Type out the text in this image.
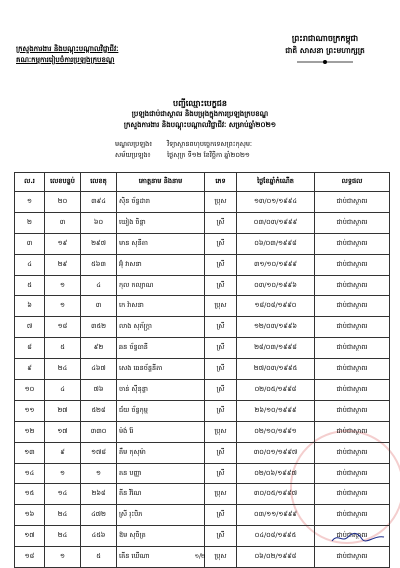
ព្រះរាជាណាចក្រកម្ពុជា
ជាតិ សាសនា ព្រះមហាក្សត្រ
ក្រសួងការងារ និងបណ្តុះបណ្តាលវិជ្ជាជីវៈ
គណៈកម្មការរៀបចំការប្រឡងក្របខណ្ឌ
បញ្ជីឈ្មោះបេក្ខជន
ប្រឡងជាប់ជាស្ថាពរ និងបម្រុងក្នុងការប្រឡងក្របខណ្ឌ
ក្រសួងការងារ និងបណ្តុះបណ្តាលវិជ្ជាជីវៈ សម្រាប់ឆ្នាំ២០២១
មណ្ឌលប្រឡង៖ វិទ្យាស្ថានពហុបច្ចេកទេសព្រះកុសុមៈ
សម័យប្រឡង៖	ថ្ងៃសុក្រ ទី១២ ខែវិច្ឆិកា ឆ្នាំ២០២១
ល.រ	លេខបន្ទប់	លេខតុ	គោត្តនាម និងនាម	ភេទ	ថ្ងៃខែឆ្នាំកំណើត	លទ្ធផល
១	២០	៣៩៤	ស៊ិន ច័ន្ទដារា	ប្រុស	១៣/០១/១៩៩៤	ជាប់ជាស្ថាពរ
២	៣	៦០	ឃៀង ចិន្តា	ស្រី	០៣/០៣/១៩៩៩	ជាប់ជាស្ថាពរ
៣	១៩	២៩៧	មាន សុនីតា	ស្រី	០៦/០៣/១៩៩៨	ជាប់ជាស្ថាពរ
៤	២៩	៥៦៣	អ៊ុំ វាសនា	ស្រី	៣១/១០/១៩៩៩	ជាប់ជាស្ថាពរ
៥	១	៤	កុល កល្យាណ	ស្រី	០៣/១០/១៩៩៦	ជាប់ជាស្ថាពរ
៦	១	៣	កេ វ៉ាសនា	ប្រុស	១៨/០៨/១៩៩០	ជាប់ជាស្ថាពរ
៧	១៨	៣៥២	លាង សុភ័ក្ត្រា	ស្រី	១២/០៣/១៩៩៦	ជាប់ជាស្ថាពរ
៨	៥	៩២	ឆន ច័ន្ទធានី	ស្រី	២៨/០៣/១៩៩៨	ជាប់ជាស្ថាពរ
៩	២៤	៤៦៧	សេង ធេនច័ន្ទនីតា	ស្រី	២៧/០៣/១៩៩៥	ជាប់ជាស្ថាពរ
១០	៤	៧៦	ចាន់ ស៊ីនុន្ទា	ស្រី	០២/០៥/១៩៩៨	ជាប់ជាស្ថាពរ
១១	២៧	៥២៨	ជ័យ ច័ន្ទកុម្ម	ស្រី	២៦/១០/១៩៩៩	ជាប់ជាស្ថាពរ
១២	១៧	៣៣០	ម៉ង់ រ៉ែ	ប្រុស	០២/១០/១៩៩១	ជាប់ជាស្ថាពរ
១៣	៩	១៧៨	គឹម កុសុម៉ា	ស្រី	៣០/០១/១៩៩៧	ជាប់ជាស្ថាពរ
១៤	១	១	គន បញ្ញា	ស្រី	០២/០៦/១៩៩៧	ជាប់ជាស្ថាពរ
១៥	១៤	២៦៨	គីន វិណៃ	ប្រុស	៣០/០៥/១៩៩៧	ជាប់ជាស្ថាពរ
១៦	២៤	៤៧២	ស្រី រុះបិភ	ស្រី	០៣/១១/១៩៩៩	ជាប់ជាស្ថាពរ
១៧	២៤	៤៥៦	ឱម សុចិត្រ	ស្រី	០៤/០៨/១៩៩៥	ជាប់ជាស្ថាពរ
១៨	១	៥	គើន ឃើណា	ប្រុស	០៦/០២/១៩៩៨	ជាប់ជាស្ថាពរ
១/២
